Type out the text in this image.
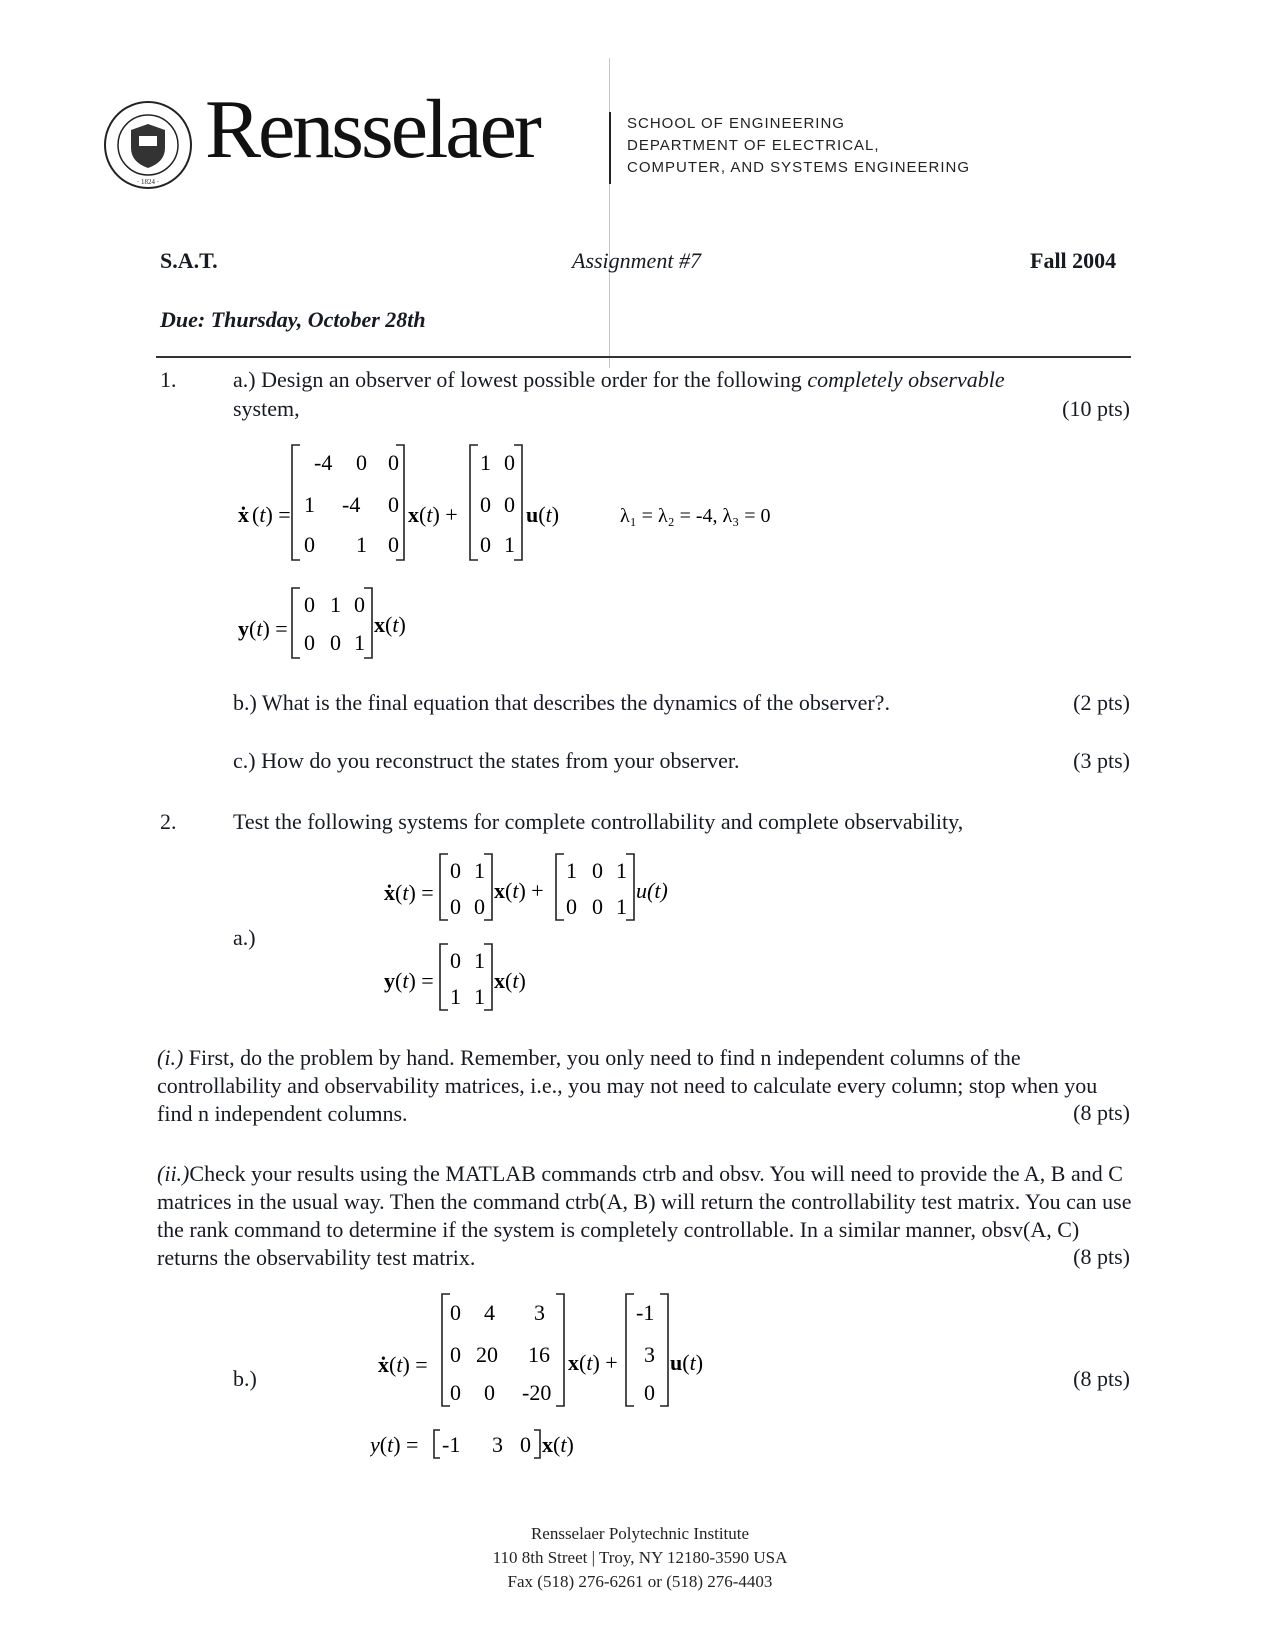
· 1824 ·
Rensselaer	SCHOOL OF ENGINEERING
DEPARTMENT OF ELECTRICAL,
COMPUTER, AND SYSTEMS ENGINEERING
S.A.T.	Assignment #7	Fall 2004
Due: Thursday, October 28th
1.	a.) Design an observer of lowest possible order for the following completely observable
system,	(10 pts)
ẋ (t) =
-4 0 0
1 -4 0
0 1 0
x(t) +
1 0
0 0
0 1
u(t)	λ₁ = λ₂ = -4, λ₃ = 0
y(t) =
0 1 0
0 0 1
x(t)
b.) What is the final equation that describes the dynamics of the observer?.	(2 pts)
c.) How do you reconstruct the states from your observer.	(3 pts)
2.	Test the following systems for complete controllability and complete observability,
a.)
ẋ(t) =
0 1
0 0
x(t) +
1 0 1
0 0 1
u(t)
y(t) =
0 1
1 1
x(t)
(i.) First, do the problem by hand. Remember, you only need to find n independent columns of the controllability and observability matrices, i.e., you may not need to calculate every column; stop when you find n independent columns.	(8 pts)
(ii.)Check your results using the MATLAB commands ctrb and obsv. You will need to provide the A, B and C matrices in the usual way. Then the command ctrb(A, B) will return the controllability test matrix. You can use the rank command to determine if the system is completely controllable. In a similar manner, obsv(A, C) returns the observability test matrix.	(8 pts)
b.)	(8 pts)
ẋ(t) =
0 4 3
0 20 16
0 0 -20
x(t) +
-1
3
0
u(t)
y(t) = -1 3 0 x(t)
Rensselaer Polytechnic Institute
110 8th Street | Troy, NY 12180-3590 USA
Fax (518) 276-6261 or (518) 276-4403
